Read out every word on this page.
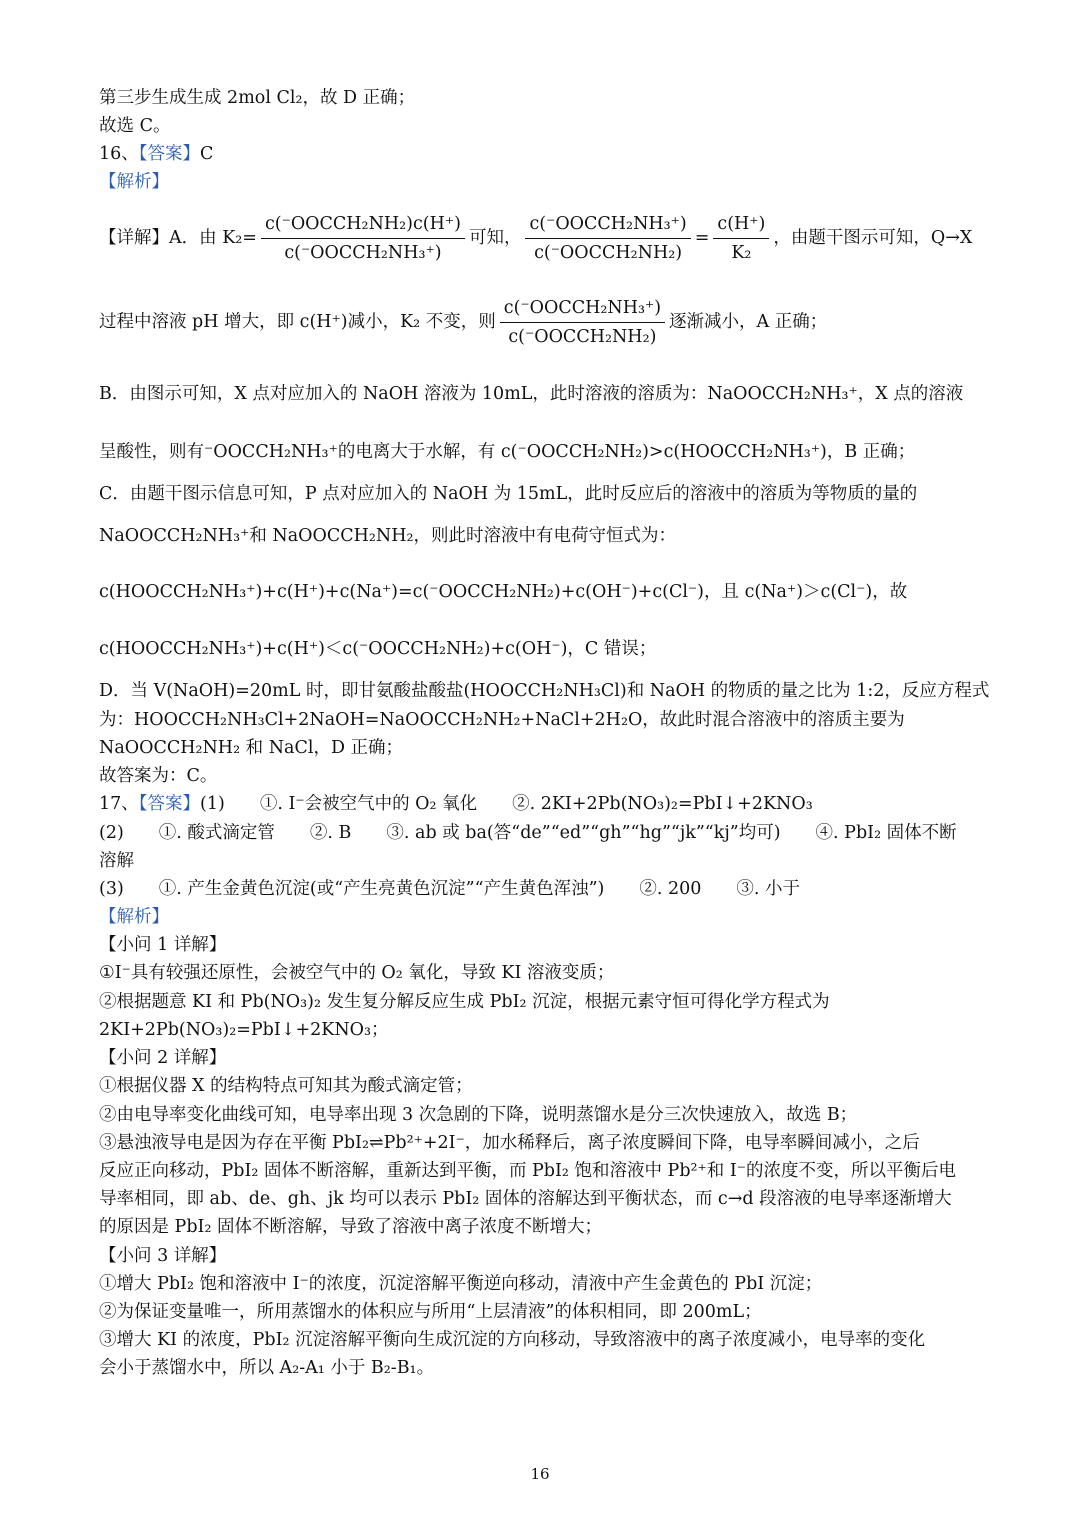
第三步生成生成 2mol Cl₂，故 D 正确；
故选 C。
16、【答案】C
【解析】
【详解】A．由 $K_2= \frac{\text{c(⁻OOCCH₂NH₂)c(H⁺)}}{\text{c(⁻OOCCH₂NH₃⁺)}}$ 可知， $\frac{\text{c(⁻OOCCH₂NH₃⁺)}}{\text{c(⁻OOCCH₂NH₂)}} = \frac{c(H^+)}{\text{K₂}}$ ，由题干图示可知，Q→X
过程中溶液 pH 增大，即 c(H⁺)减小，K₂ 不变，则 $\frac{\text{c(⁻OOCCH₂NH₃⁺)}}{\text{c(⁻OOCCH₂NH₂)}}$ 逐渐减小，A 正确；
B．由图示可知，X 点对应加入的 NaOH 溶液为 10mL，此时溶液的溶质为：NaOOCCH₂NH₃⁺，X 点的溶液
呈酸性，则有⁻OOCCH₂NH₃⁺的电离大于水解，有 c(⁻OOCCH₂NH₂)>c(HOOCCH₂NH₃⁺)，B 正确；
C．由题干图示信息可知，P 点对应加入的 NaOH 为 15mL，此时反应后的溶液中的溶质为等物质的量的
NaOOCCH₂NH₃⁺和 NaOOCCH₂NH₂，则此时溶液中有电荷守恒式为：
c(HOOCCH₂NH₃⁺)+c(H⁺)+c(Na⁺)=c(⁻OOCCH₂NH₂)+c(OH⁻)+c(Cl⁻)，且 c(Na⁺)＞c(Cl⁻)，故
c(HOOCCH₂NH₃⁺)+c(H⁺)＜c(⁻OOCCH₂NH₂)+c(OH⁻)，C 错误；
D．当 V(NaOH)=20mL 时，即甘氨酸盐酸盐(HOOCCH₂NH₃Cl)和 NaOH 的物质的量之比为 1:2，反应方程式
为：HOOCCH₂NH₃Cl+2NaOH=NaOOCCH₂NH₂+NaCl+2H₂O，故此时混合溶液中的溶质主要为
NaOOCCH₂NH₂ 和 NaCl，D 正确；
故答案为：C。
17、【答案】(1)　　①. I⁻会被空气中的 O₂ 氧化　　②. 2KI+2Pb(NO₃)₂=PbI↓+2KNO₃
(2)　　①. 酸式滴定管　　②. B　　③. ab 或 ba(答“de”“ed”“gh”“hg”“jk”“kj”均可)　　④. PbI₂ 固体不断
溶解
(3)　　①. 产生金黄色沉淀(或“产生亮黄色沉淀”“产生黄色浑浊”)　　②. 200　　③. 小于
【解析】
【小问 1 详解】
①I⁻具有较强还原性，会被空气中的 O₂ 氧化，导致 KI 溶液变质；
②根据题意 KI 和 Pb(NO₃)₂ 发生复分解反应生成 PbI₂ 沉淀，根据元素守恒可得化学方程式为
2KI+2Pb(NO₃)₂=PbI↓+2KNO₃；
【小问 2 详解】
①根据仪器 X 的结构特点可知其为酸式滴定管；
②由电导率变化曲线可知，电导率出现 3 次急剧的下降，说明蒸馏水是分三次快速放入，故选 B；
③悬浊液导电是因为存在平衡 PbI₂⇌Pb²⁺+2I⁻，加水稀释后，离子浓度瞬间下降，电导率瞬间减小，之后
反应正向移动，PbI₂ 固体不断溶解，重新达到平衡，而 PbI₂ 饱和溶液中 Pb²⁺和 I⁻的浓度不变，所以平衡后电
导率相同，即 ab、de、gh、jk 均可以表示 PbI₂ 固体的溶解达到平衡状态，而 c→d 段溶液的电导率逐渐增大
的原因是 PbI₂ 固体不断溶解，导致了溶液中离子浓度不断增大；
【小问 3 详解】
①增大 PbI₂ 饱和溶液中 I⁻的浓度，沉淀溶解平衡逆向移动，清液中产生金黄色的 PbI 沉淀；
②为保证变量唯一，所用蒸馏水的体积应与所用“上层清液”的体积相同，即 200mL；
③增大 KI 的浓度，PbI₂ 沉淀溶解平衡向生成沉淀的方向移动，导致溶液中的离子浓度减小，电导率的变化
会小于蒸馏水中，所以 A₂-A₁ 小于 B₂-B₁。
16
